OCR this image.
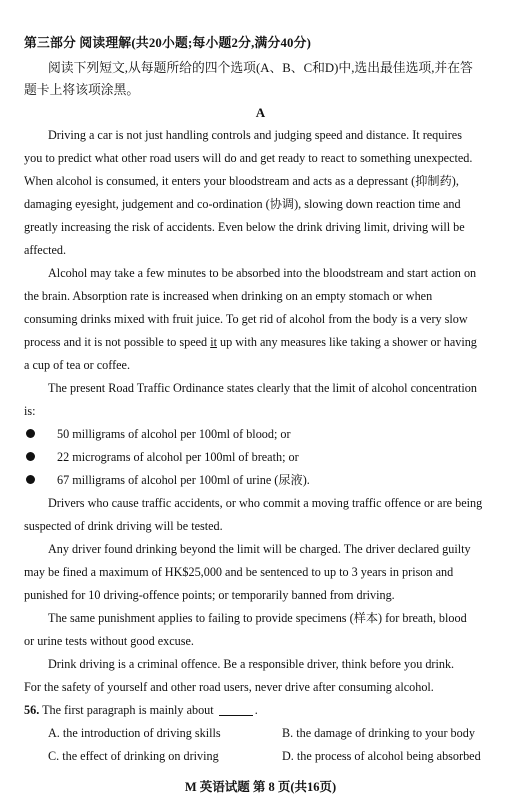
第三部分 阅读理解(共20小题;每小题2分,满分40分)
阅读下列短文,从每题所给的四个选项(A、B、C和D)中,选出最佳选项,并在答
题卡上将该项涂黑。
A
Driving a car is not just handling controls and judging speed and distance. It requires
you to predict what other road users will do and get ready to react to something unexpected.
When alcohol is consumed, it enters your bloodstream and acts as a depressant (抑制药),
damaging eyesight, judgement and co-ordination (协调), slowing down reaction time and
greatly increasing the risk of accidents. Even below the drink driving limit, driving will be
affected.
Alcohol may take a few minutes to be absorbed into the bloodstream and start action on
the brain. Absorption rate is increased when drinking on an empty stomach or when
consuming drinks mixed with fruit juice. To get rid of alcohol from the body is a very slow
process and it is not possible to speed it up with any measures like taking a shower or having
a cup of tea or coffee.
The present Road Traffic Ordinance states clearly that the limit of alcohol concentration
is:
50 milligrams of alcohol per 100ml of blood; or
22 micrograms of alcohol per 100ml of breath; or
67 milligrams of alcohol per 100ml of urine (尿液).
Drivers who cause traffic accidents, or who commit a moving traffic offence or are being
suspected of drink driving will be tested.
Any driver found drinking beyond the limit will be charged. The driver declared guilty
may be fined a maximum of HK$25,000 and be sentenced to up to 3 years in prison and
punished for 10 driving-offence points; or temporarily banned from driving.
The same punishment applies to failing to provide specimens (样本) for breath, blood
or urine tests without good excuse.
Drink driving is a criminal offence. Be a responsible driver, think before you drink.
For the safety of yourself and other road users, never drive after consuming alcohol.
56. The first paragraph is mainly about	.
A. the introduction of driving skills	B. the damage of drinking to your body
C. the effect of drinking on driving	D. the process of alcohol being absorbed
M 英语试题 第 8 页(共16页)
